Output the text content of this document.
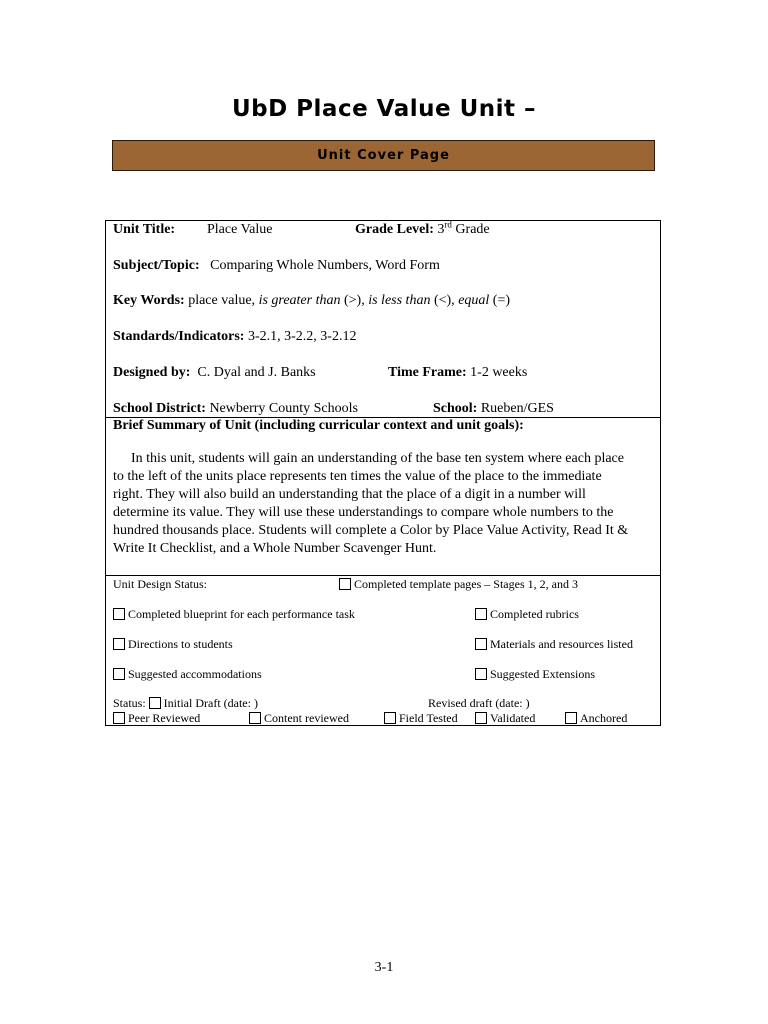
UbD Place Value Unit –
Unit Cover Page
Unit Title: Place Value	Grade Level: 3rd Grade
Subject/Topic: Comparing Whole Numbers, Word Form
Key Words: place value, is greater than (>), is less than (<), equal (=)
Standards/Indicators: 3-2.1, 3-2.2, 3-2.12
Designed by: C. Dyal and J. Banks	Time Frame: 1-2 weeks
School District: Newberry County Schools	School: Rueben/GES
Brief Summary of Unit (including curricular context and unit goals):
In this unit, students will gain an understanding of the base ten system where each place to the left of the units place represents ten times the value of the place to the immediate right. They will also build an understanding that the place of a digit in a number will determine its value. They will use these understandings to compare whole numbers to the hundred thousands place. Students will complete a Color by Place Value Activity, Read It & Write It Checklist, and a Whole Number Scavenger Hunt.
Unit Design Status:	Completed template pages – Stages 1, 2, and 3
Completed blueprint for each performance task	Completed rubrics
Directions to students	Materials and resources listed
Suggested accommodations	Suggested Extensions
Status: Initial Draft (date: )	Revised draft (date: )
Peer Reviewed	Content reviewed	Field Tested	Validated	Anchored
3-1
